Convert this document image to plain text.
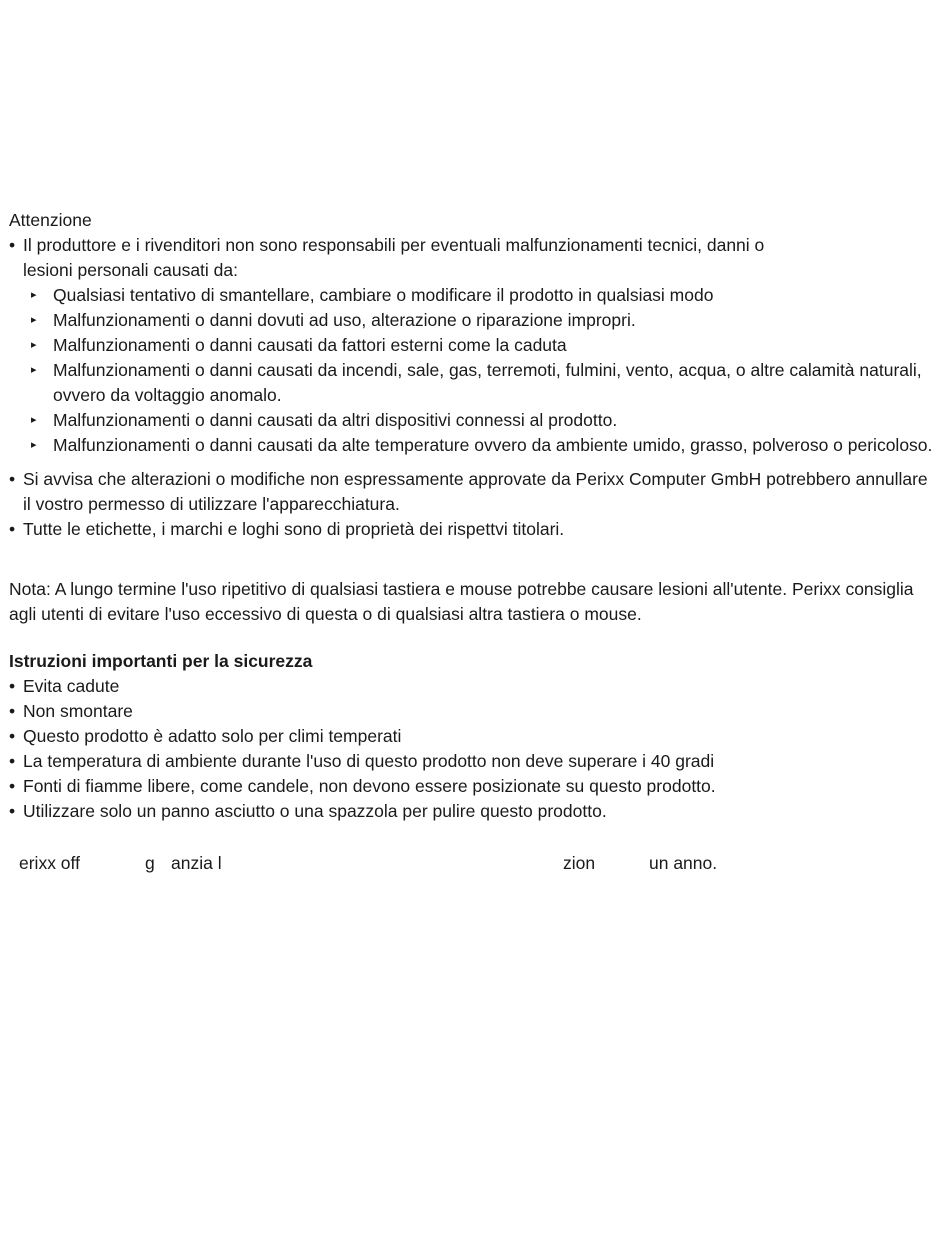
Attenzione
• Il produttore e i rivenditori non sono responsabili per eventuali malfunzionamenti tecnici, danni o
lesioni personali causati da:
▸ Qualsiasi tentativo di smantellare, cambiare o modificare il prodotto in qualsiasi modo
▸ Malfunzionamenti o danni dovuti ad uso, alterazione o riparazione impropri.
▸ Malfunzionamenti o danni causati da fattori esterni come la caduta
▸ Malfunzionamenti o danni causati da incendi, sale, gas, terremoti, fulmini, vento, acqua, o altre calamità naturali, ovvero da voltaggio anomalo.
▸ Malfunzionamenti o danni causati da altri dispositivi connessi al prodotto.
▸ Malfunzionamenti o danni causati da alte temperature ovvero da ambiente umido, grasso, polveroso o pericoloso.
• Si avvisa che alterazioni o modifiche non espressamente approvate da Perixx Computer GmbH potrebbero annullare il vostro permesso di utilizzare l'apparecchiatura.
• Tutte le etichette, i marchi e loghi sono di proprietà dei rispettvi titolari.
Nota: A lungo termine l'uso ripetitivo di qualsiasi tastiera e mouse potrebbe causare lesioni all'utente. Perixx consiglia agli utenti di evitare l'uso eccessivo di questa o di qualsiasi altra tastiera o mouse.
Istruzioni importanti per la sicurezza
• Evita cadute
• Non smontare
• Questo prodotto è adatto solo per climi temperati
• La temperatura di ambiente durante l'uso di questo prodotto non deve superare i 40 gradi
• Fonti di fiamme libere, come candele, non devono essere posizionate su questo prodotto.
• Utilizzare solo un panno asciutto o una spazzola per pulire questo prodotto.
erixx off	g anzia l	zion	un anno.
